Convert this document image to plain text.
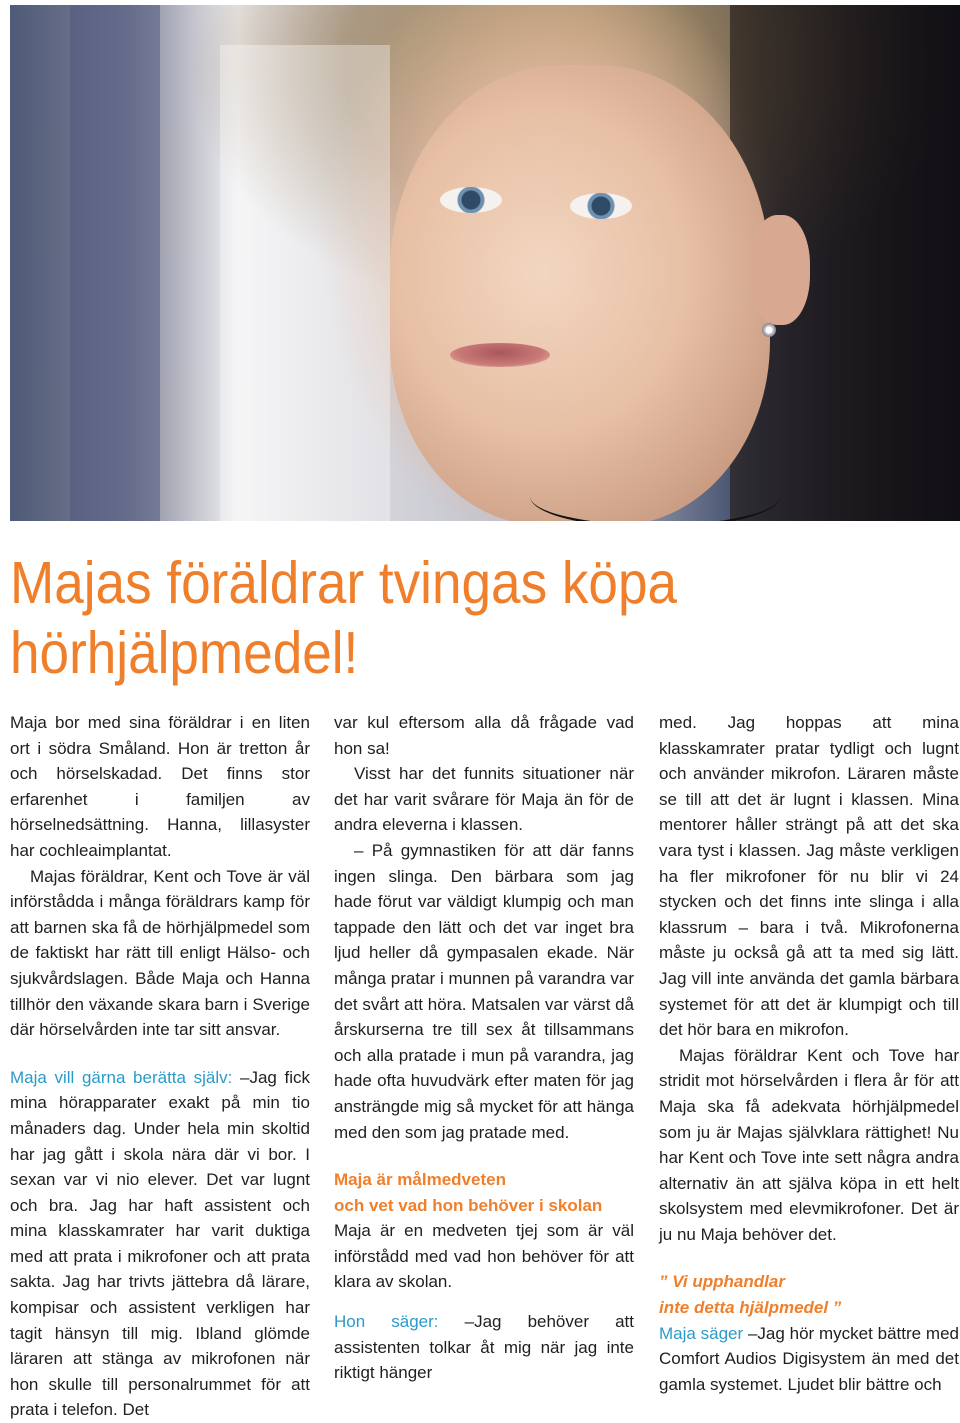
Majas föräldrar tvingas köpa hörhjälpmedel!

Maja bor med sina föräldrar i en liten ort i södra Småland. Hon är tretton år och hörselskadad. Det finns stor erfarenhet i familjen av hörselnedsättning. Hanna, lillasyster har cochleaimplantat.

Majas föräldrar, Kent och Tove är väl införstådda i många föräldrars kamp för att barnen ska få de hörhjälpmedel som de faktiskt har rätt till enligt Hälso- och sjukvårdslagen. Både Maja och Hanna tillhör den växande skara barn i Sverige där hörselvården inte tar sitt ansvar.

Maja vill gärna berätta själv: –Jag fick mina hörapparater exakt på min tio månaders dag. Under hela min skoltid har jag gått i skola nära där vi bor. I sexan var vi nio elever. Det var lugnt och bra. Jag har haft assistent och mina klasskamrater har varit duktiga med att prata i mikrofoner och att prata sakta. Jag har trivts jättebra då lärare, kompisar och assistent verkligen har tagit hänsyn till mig. Ibland glömde läraren att stänga av mikrofonen när hon skulle till personalrummet för att prata i telefon. Det

var kul eftersom alla då frågade vad hon sa!

Visst har det funnits situationer när det har varit svårare för Maja än för de andra eleverna i klassen.

– På gymnastiken för att där fanns ingen slinga. Den bärbara som jag hade förut var väldigt klumpig och man tappade den lätt och det var inget bra ljud heller då gympasalen ekade. När många pratar i munnen på varandra var det svårt att höra. Matsalen var värst då årskurserna tre till sex åt tillsammans och alla pratade i mun på varandra, jag hade ofta huvudvärk efter maten för jag ansträngde mig så mycket för att hänga med den som jag pratade med.

Maja är målmedveten

och vet vad hon behöver i skolan

Maja är en medveten tjej som är väl införstådd med vad hon behöver för att klara av skolan.

Hon säger: –Jag behöver att assistenten tolkar åt mig när jag inte riktigt hänger

med. Jag hoppas att mina klasskamrater pratar tydligt och lugnt och använder mikrofon. Läraren måste se till att det är lugnt i klassen. Mina mentorer håller strängt på att det ska vara tyst i klassen. Jag måste verkligen ha fler mikrofoner för nu blir vi 24 stycken och det finns inte slinga i alla klassrum – bara i två. Mikrofonerna måste ju också gå att ta med sig lätt. Jag vill inte använda det gamla bärbara systemet för att det är klumpigt och till det hör bara en mikrofon.

Majas föräldrar Kent och Tove har stridit mot hörselvården i flera år för att Maja ska få adekvata hörhjälpmedel som ju är Majas självklara rättighet! Nu har Kent och Tove inte sett några andra alternativ än att själva köpa in ett helt skolsystem med elevmikrofoner. Det är ju nu Maja behöver det.

” Vi upphandlar

inte detta hjälpmedel ”

Maja säger –Jag hör mycket bättre med Comfort Audios Digisystem än med det gamla systemet. Ljudet blir bättre och
